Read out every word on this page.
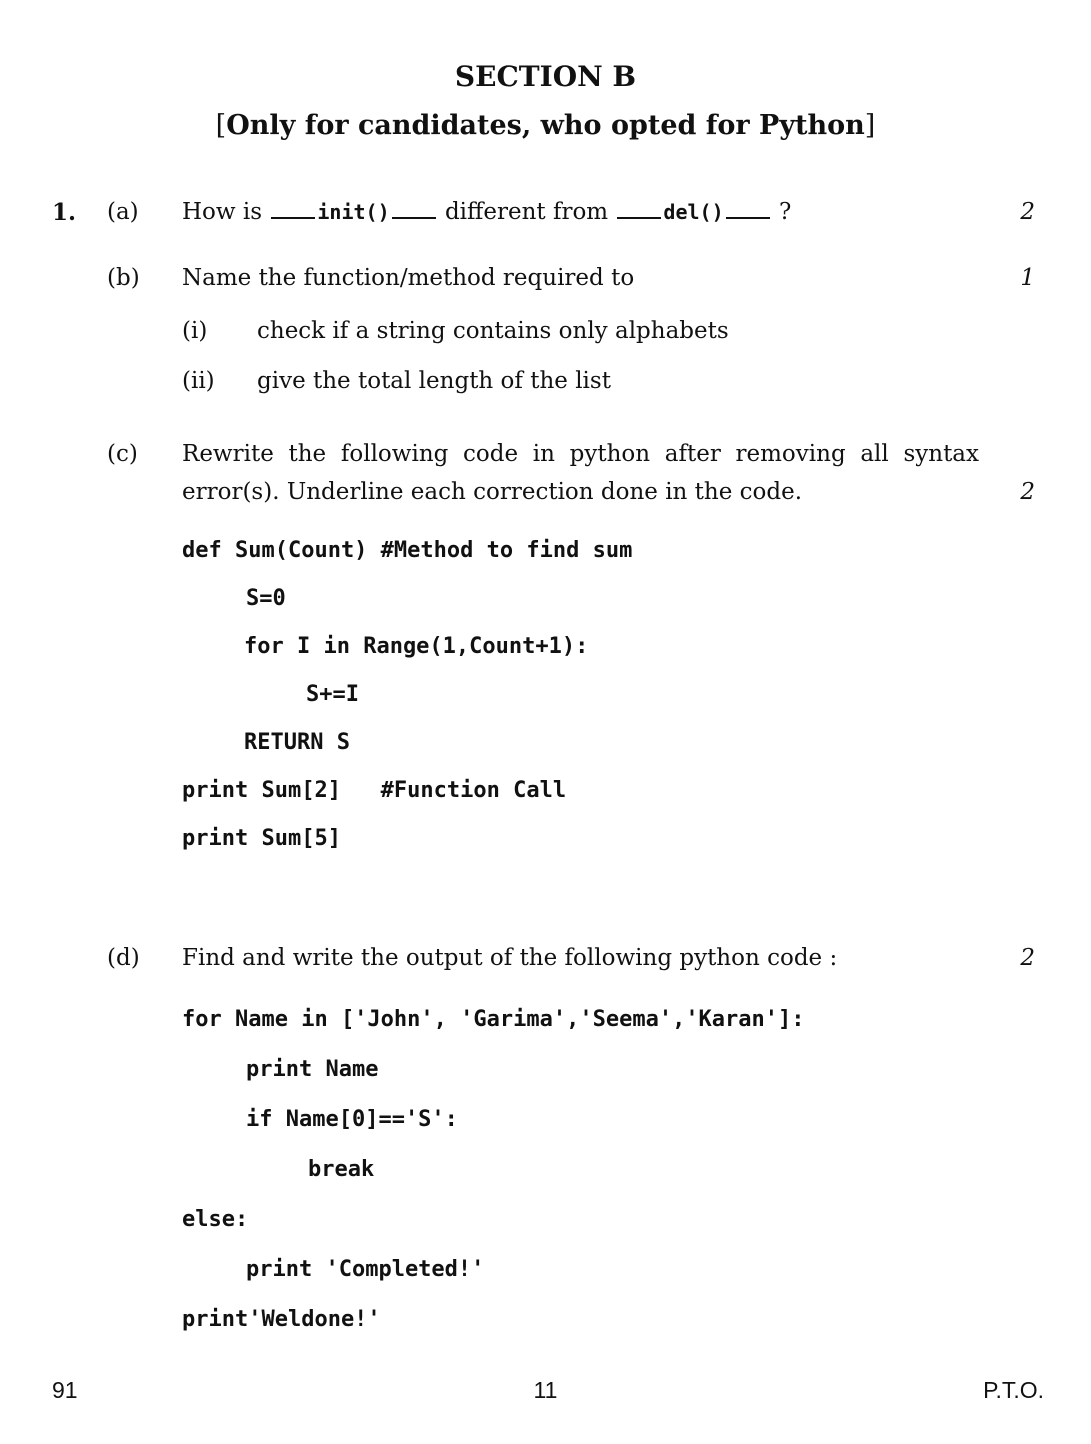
SECTION B
[Only for candidates, who opted for Python]
1. (a) How is	init() different from	del() ?	2
(b) Name the function/method required to	1
(i) check if a string contains only alphabets
(ii) give the total length of the list
(c) Rewrite the following code in python after removing all syntax
error(s). Underline each correction done in the code.	2
def Sum(Count) #Method to find sum
S=0
for I in Range(1,Count+1):
S+=I
RETURN S
print Sum[2]   #Function Call
print Sum[5]
(d) Find and write the output of the following python code :	2
for Name in ['John', 'Garima','Seema','Karan']:
print Name
if Name[0]=='S':
break
else:
print 'Completed!'
print'Weldone!'
91	11	P.T.O.
